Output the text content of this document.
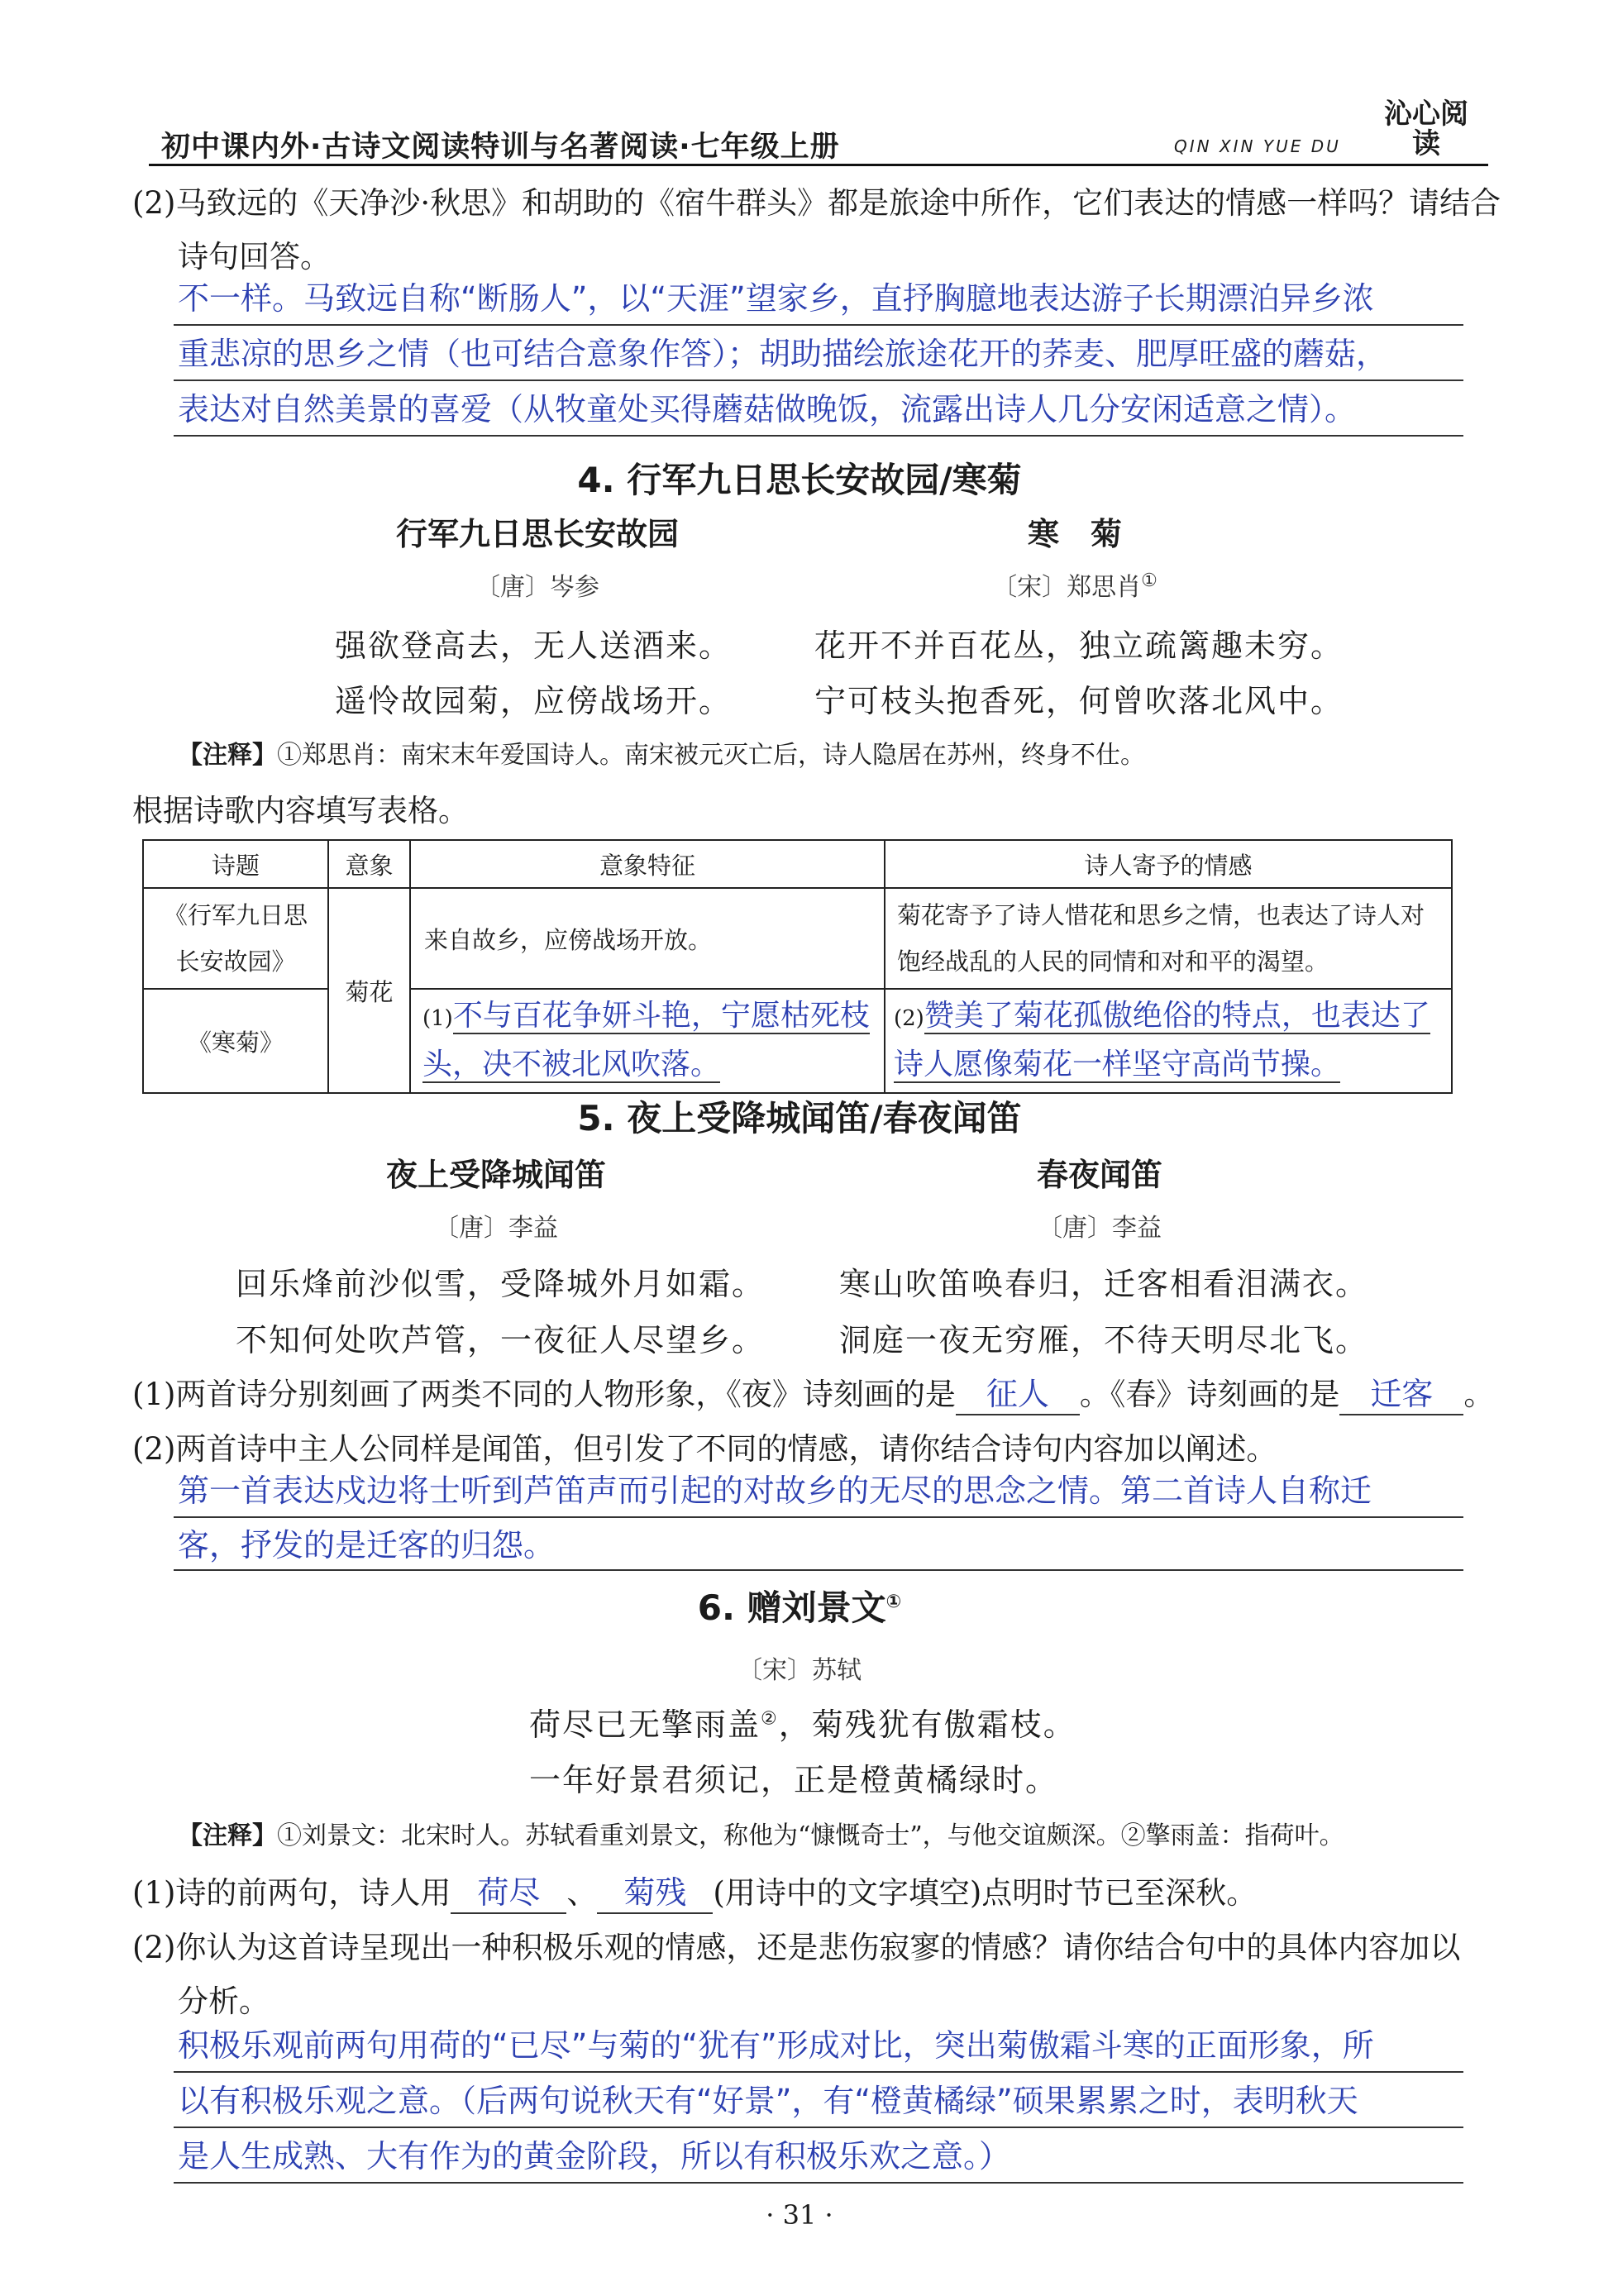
初中课内外·古诗文阅读特训与名著阅读·七年级上册	QIN XIN YUE DU
沁心阅读
(2)马致远的《天净沙·秋思》和胡助的《宿牛群头》都是旅途中所作，它们表达的情感一样吗？请结合
诗句回答。
不一样。马致远自称“断肠人”，以“天涯”望家乡，直抒胸臆地表达游子长期漂泊异乡浓
重悲凉的思乡之情（也可结合意象作答）；胡助描绘旅途花开的荞麦、肥厚旺盛的蘑菇，
表达对自然美景的喜爱（从牧童处买得蘑菇做晚饭，流露出诗人几分安闲适意之情）。
4. 行军九日思长安故园/寒菊
行军九日思长安故园	寒　菊
〔唐〕岑参	〔宋〕郑思肖①
强欲登高去，无人送酒来。
遥怜故园菊，应傍战场开。
花开不并百花丛，独立疏篱趣未穷。
宁可枝头抱香死，何曾吹落北风中。
【注释】①郑思肖：南宋末年爱国诗人。南宋被元灭亡后，诗人隐居在苏州，终身不仕。
根据诗歌内容填写表格。
诗题	意象	意象特征	诗人寄予的情感
《行军九日思长安故园》	菊花	来自故乡，应傍战场开放。	菊花寄予了诗人惜花和思乡之情，也表达了诗人对饱经战乱的人民的同情和对和平的渴望。
《寒菊》		(1)不与百花争妍斗艳，宁愿枯死枝头，决不被北风吹落。	(2)赞美了菊花孤傲绝俗的特点，也表达了诗人愿像菊花一样坚守高尚节操。
5. 夜上受降城闻笛/春夜闻笛
夜上受降城闻笛	春夜闻笛
〔唐〕李益	〔唐〕李益
回乐烽前沙似雪，受降城外月如霜。
不知何处吹芦管，一夜征人尽望乡。
寒山吹笛唤春归，迁客相看泪满衣。
洞庭一夜无穷雁，不待天明尽北飞。
(1)两首诗分别刻画了两类不同的人物形象，《夜》诗刻画的是 征人 。《春》诗刻画的是 迁客 。
(2)两首诗中主人公同样是闻笛，但引发了不同的情感，请你结合诗句内容加以阐述。
第一首表达戍边将士听到芦笛声而引起的对故乡的无尽的思念之情。第二首诗人自称迁
客，抒发的是迁客的归怨。
6. 赠刘景文①
〔宋〕苏轼
荷尽已无擎雨盖②，菊残犹有傲霜枝。
一年好景君须记，正是橙黄橘绿时。
【注释】①刘景文：北宋时人。苏轼看重刘景文，称他为“慷慨奇士”，与他交谊颇深。②擎雨盖：指荷叶。
(1)诗的前两句，诗人用 荷尽 、 菊残 (用诗中的文字填空)点明时节已至深秋。
(2)你认为这首诗呈现出一种积极乐观的情感，还是悲伤寂寥的情感？请你结合句中的具体内容加以
分析。
积极乐观前两句用荷的“已尽”与菊的“犹有”形成对比，突出菊傲霜斗寒的正面形象，所
以有积极乐观之意。（后两句说秋天有“好景”，有“橙黄橘绿”硕果累累之时，表明秋天
是人生成熟、大有作为的黄金阶段，所以有积极乐欢之意。）
· 31 ·
